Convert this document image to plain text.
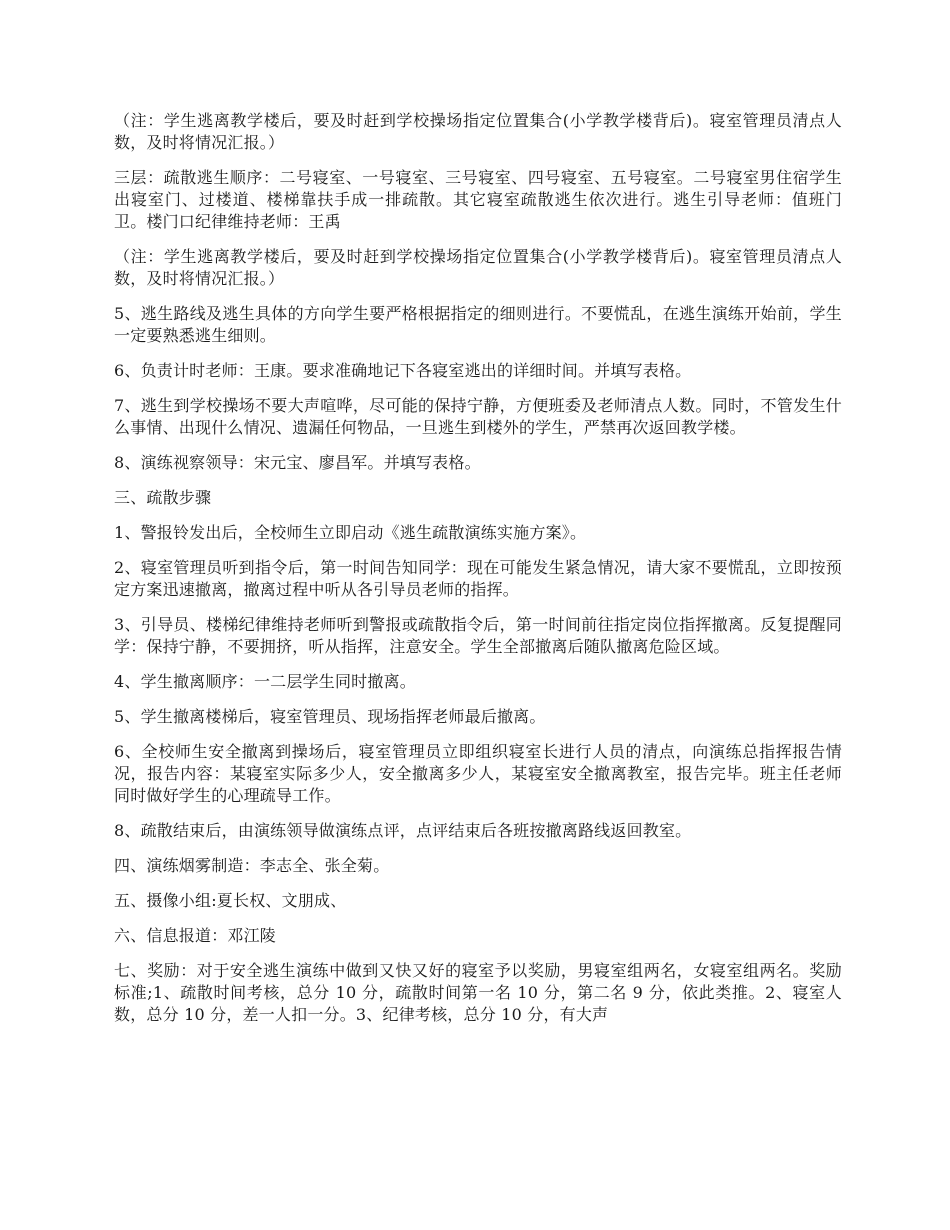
（注：学生逃离教学楼后，要及时赶到学校操场指定位置集合(小学教学楼背后)。寝室管理员清点人数，及时将情况汇报。）

三层：疏散逃生顺序：二号寝室、一号寝室、三号寝室、四号寝室、五号寝室。二号寝室男住宿学生出寝室门、过楼道、楼梯靠扶手成一排疏散。其它寝室疏散逃生依次进行。逃生引导老师：值班门卫。楼门口纪律维持老师：王禹

（注：学生逃离教学楼后，要及时赶到学校操场指定位置集合(小学教学楼背后)。寝室管理员清点人数，及时将情况汇报。）

5、逃生路线及逃生具体的方向学生要严格根据指定的细则进行。不要慌乱，在逃生演练开始前，学生一定要熟悉逃生细则。

6、负责计时老师：王康。要求准确地记下各寝室逃出的详细时间。并填写表格。

7、逃生到学校操场不要大声喧哗，尽可能的保持宁静，方便班委及老师清点人数。同时，不管发生什么事情、出现什么情况、遗漏任何物品，一旦逃生到楼外的学生，严禁再次返回教学楼。

8、演练视察领导：宋元宝、廖昌军。并填写表格。

三、疏散步骤

1、警报铃发出后，全校师生立即启动《逃生疏散演练实施方案》。

2、寝室管理员听到指令后，第一时间告知同学：现在可能发生紧急情况，请大家不要慌乱，立即按预定方案迅速撤离，撤离过程中听从各引导员老师的指挥。

3、引导员、楼梯纪律维持老师听到警报或疏散指令后，第一时间前往指定岗位指挥撤离。反复提醒同学：保持宁静，不要拥挤，听从指挥，注意安全。学生全部撤离后随队撤离危险区域。

4、学生撤离顺序：一二层学生同时撤离。

5、学生撤离楼梯后，寝室管理员、现场指挥老师最后撤离。

6、全校师生安全撤离到操场后，寝室管理员立即组织寝室长进行人员的清点，向演练总指挥报告情况，报告内容：某寝室实际多少人，安全撤离多少人，某寝室安全撤离教室，报告完毕。班主任老师同时做好学生的心理疏导工作。

8、疏散结束后，由演练领导做演练点评，点评结束后各班按撤离路线返回教室。

四、演练烟雾制造：李志全、张全菊。

五、摄像小组:夏长权、文朋成、

六、信息报道：邓江陵

七、奖励：对于安全逃生演练中做到又快又好的寝室予以奖励，男寝室组两名，女寝室组两名。奖励标准;1、疏散时间考核，总分 10 分，疏散时间第一名 10 分，第二名 9 分，依此类推。2、寝室人数，总分 10 分，差一人扣一分。3、纪律考核，总分 10 分，有大声
